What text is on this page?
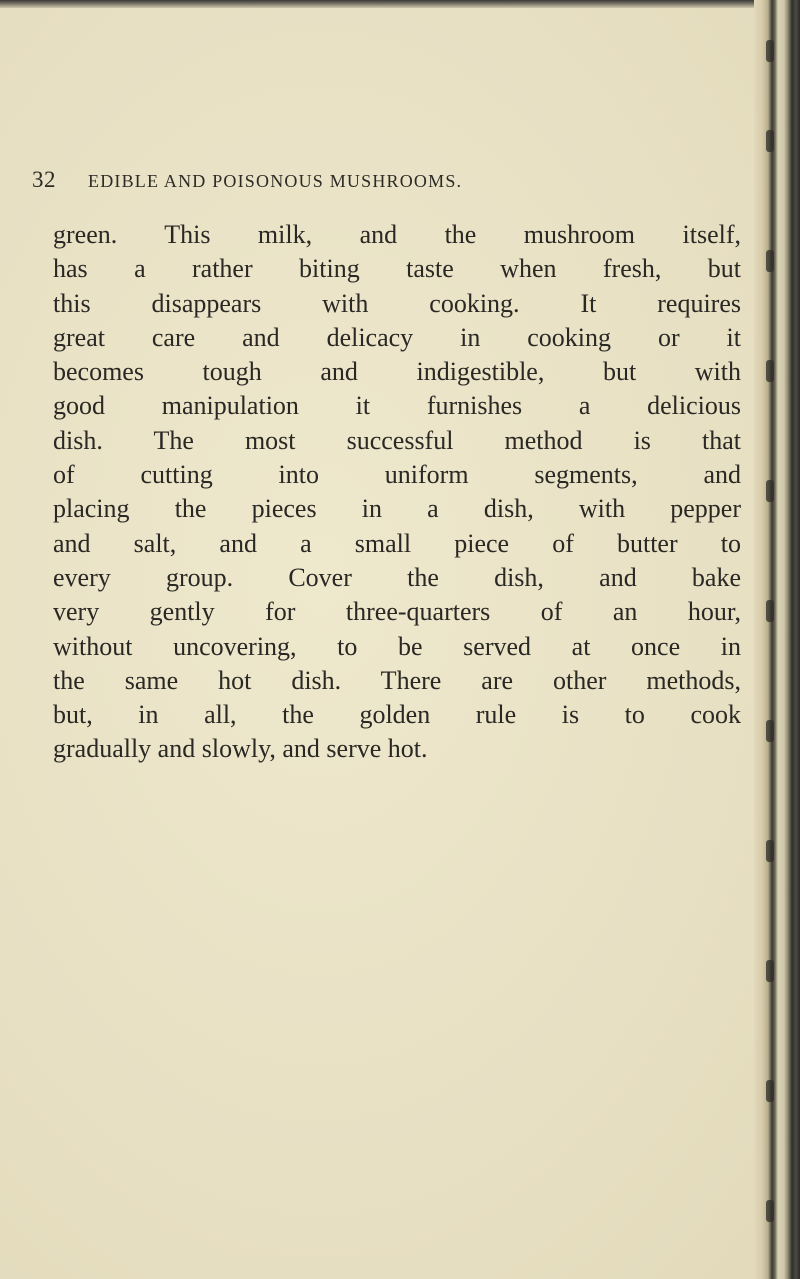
32	EDIBLE AND POISONOUS MUSHROOMS.
green. This milk, and the mushroom itself,
has a rather biting taste when fresh, but
this disappears with cooking. It requires
great care and delicacy in cooking or it
becomes tough and indigestible, but with
good manipulation it furnishes a delicious
dish. The most successful method is that
of cutting into uniform segments, and
placing the pieces in a dish, with pepper
and salt, and a small piece of butter to
every group. Cover the dish, and bake
very gently for three-quarters of an hour,
without uncovering, to be served at once in
the same hot dish. There are other methods,
but, in all, the golden rule is to cook
gradually and slowly, and serve hot.
